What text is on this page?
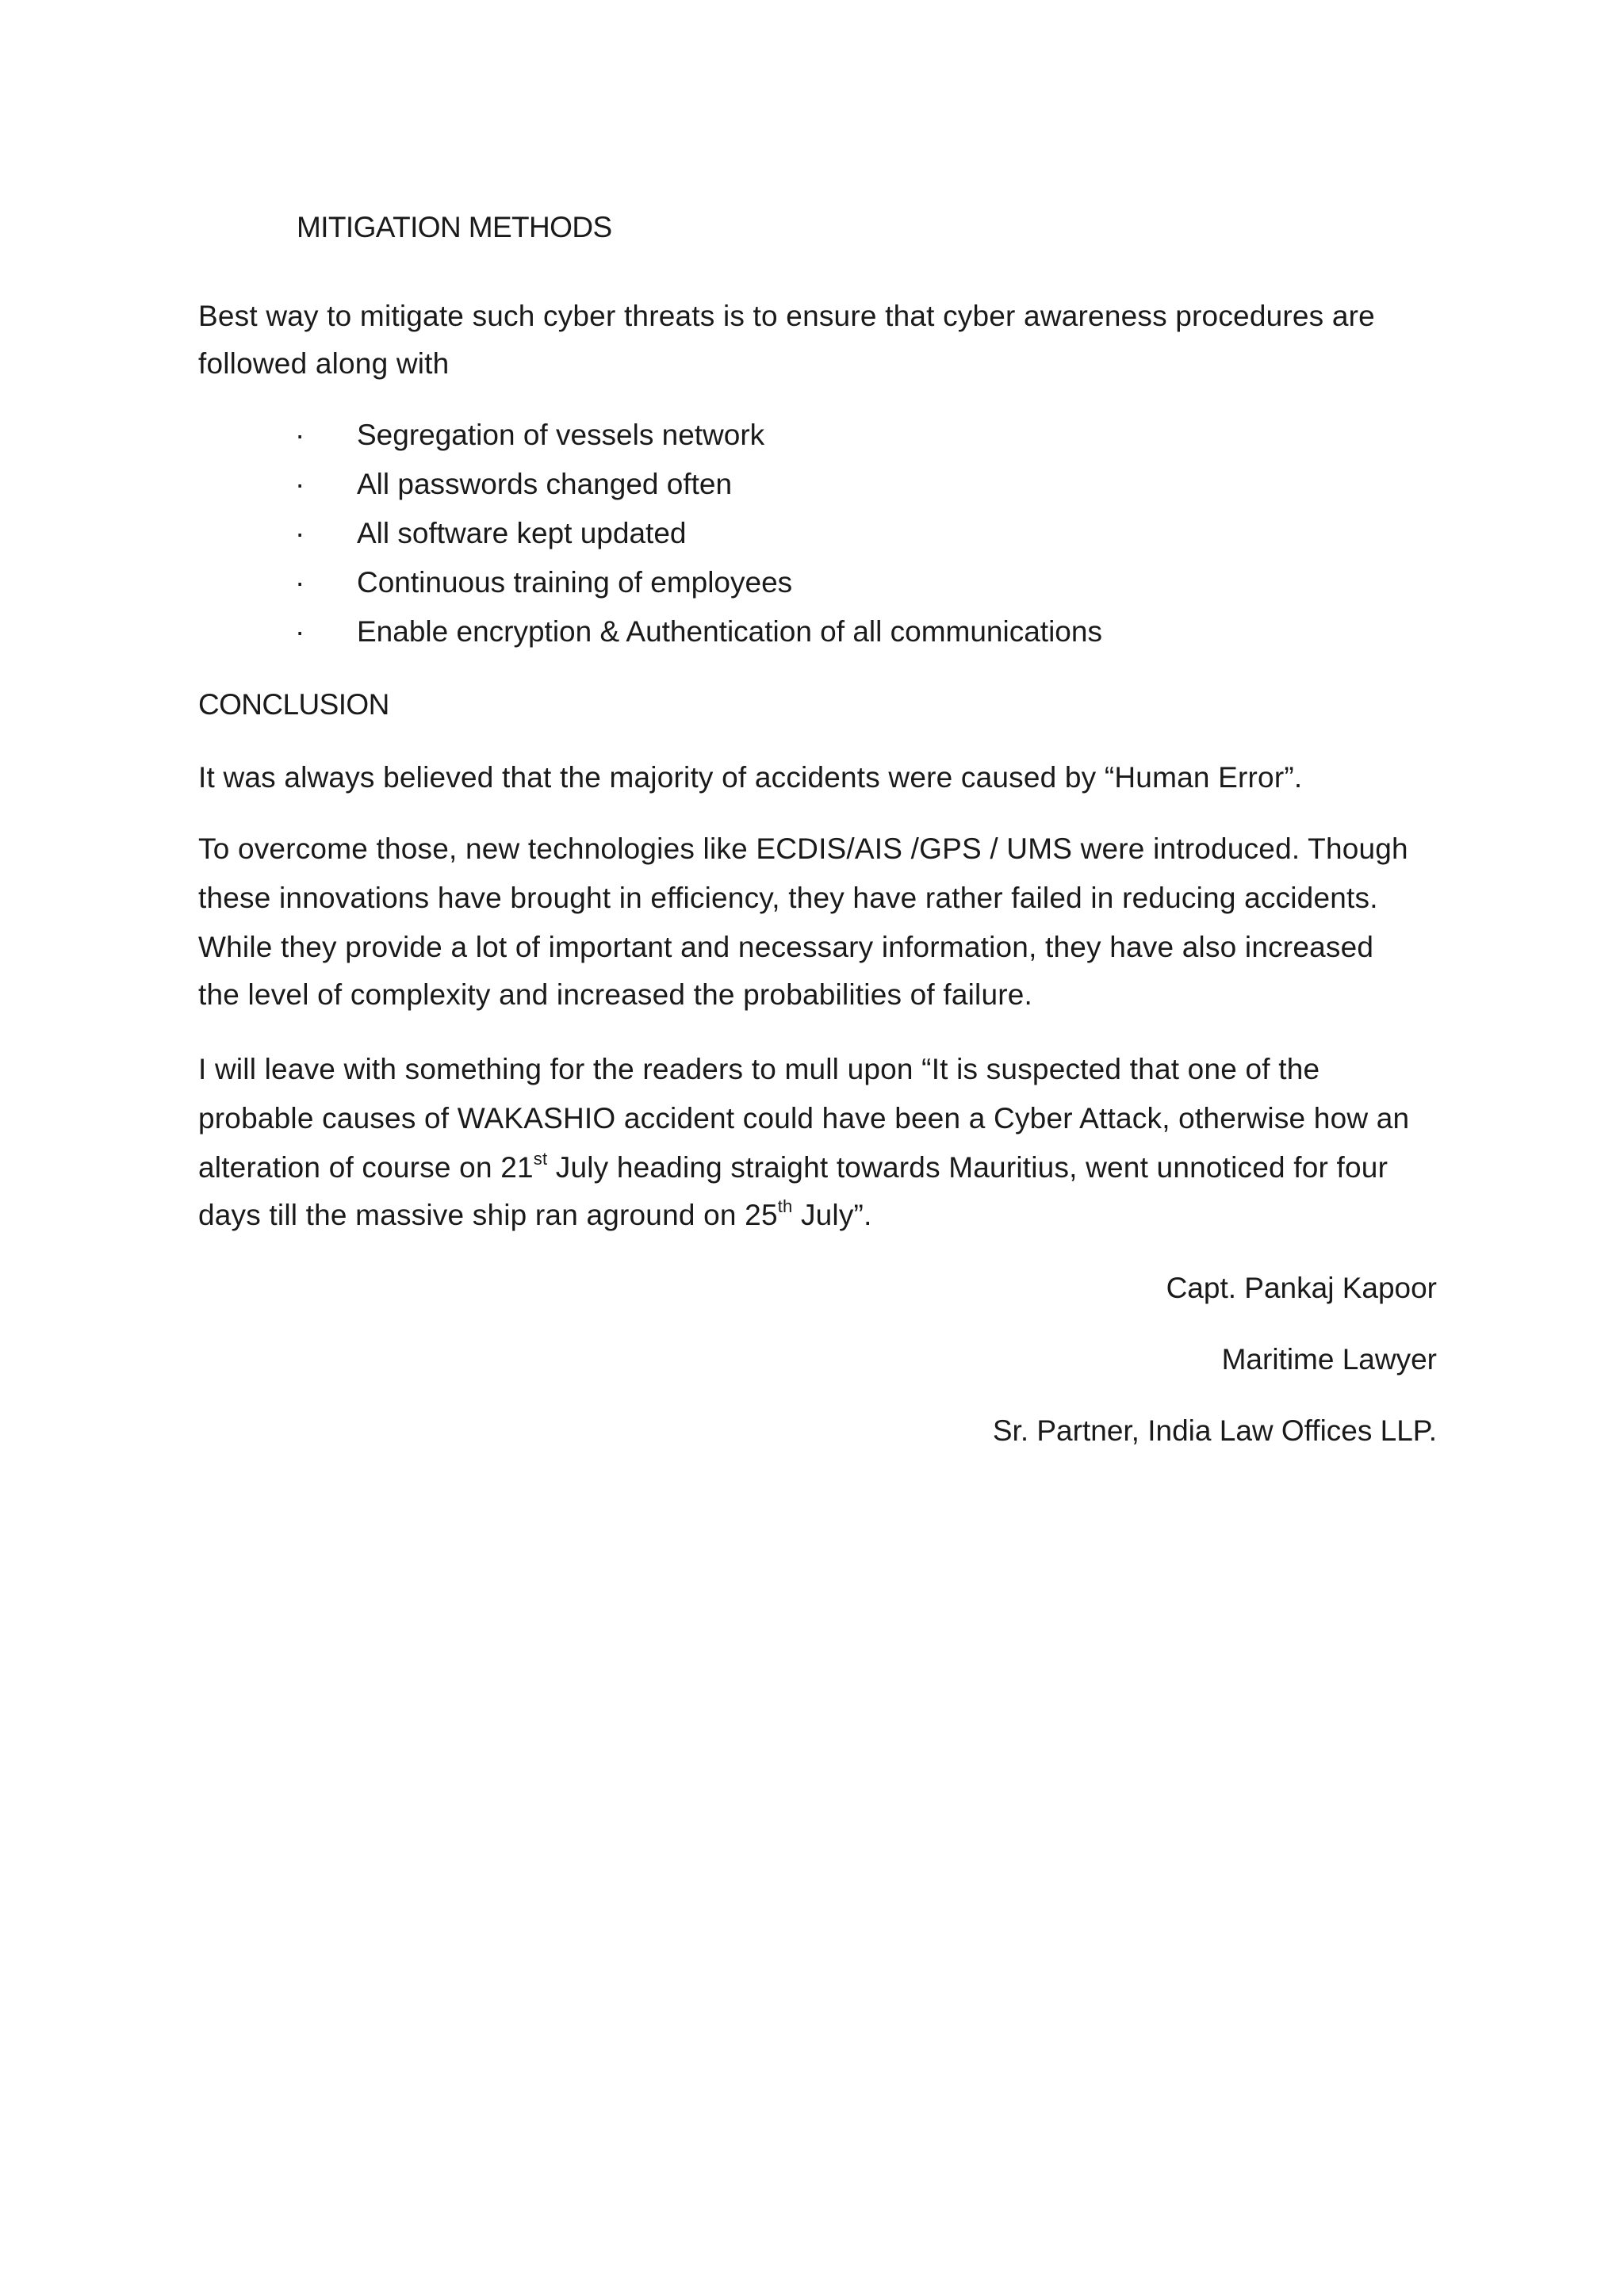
MITIGATION METHODS
Best way to mitigate such cyber threats is to ensure that cyber awareness procedures are
followed along with
· Segregation of vessels network
· All passwords changed often
· All software kept updated
· Continuous training of employees
· Enable encryption & Authentication of all communications
CONCLUSION
It was always believed that the majority of accidents were caused by “Human Error”.
To overcome those, new technologies like ECDIS/AIS /GPS / UMS were introduced. Though
these innovations have brought in efficiency, they have rather failed in reducing accidents.
While they provide a lot of important and necessary information, they have also increased
the level of complexity and increased the probabilities of failure.
I will leave with something for the readers to mull upon “It is suspected that one of the
probable causes of WAKASHIO accident could have been a Cyber Attack, otherwise how an
alteration of course on 21st July heading straight towards Mauritius, went unnoticed for four
days till the massive ship ran aground on 25th July”.
Capt. Pankaj Kapoor
Maritime Lawyer
Sr. Partner, India Law Offices LLP.
